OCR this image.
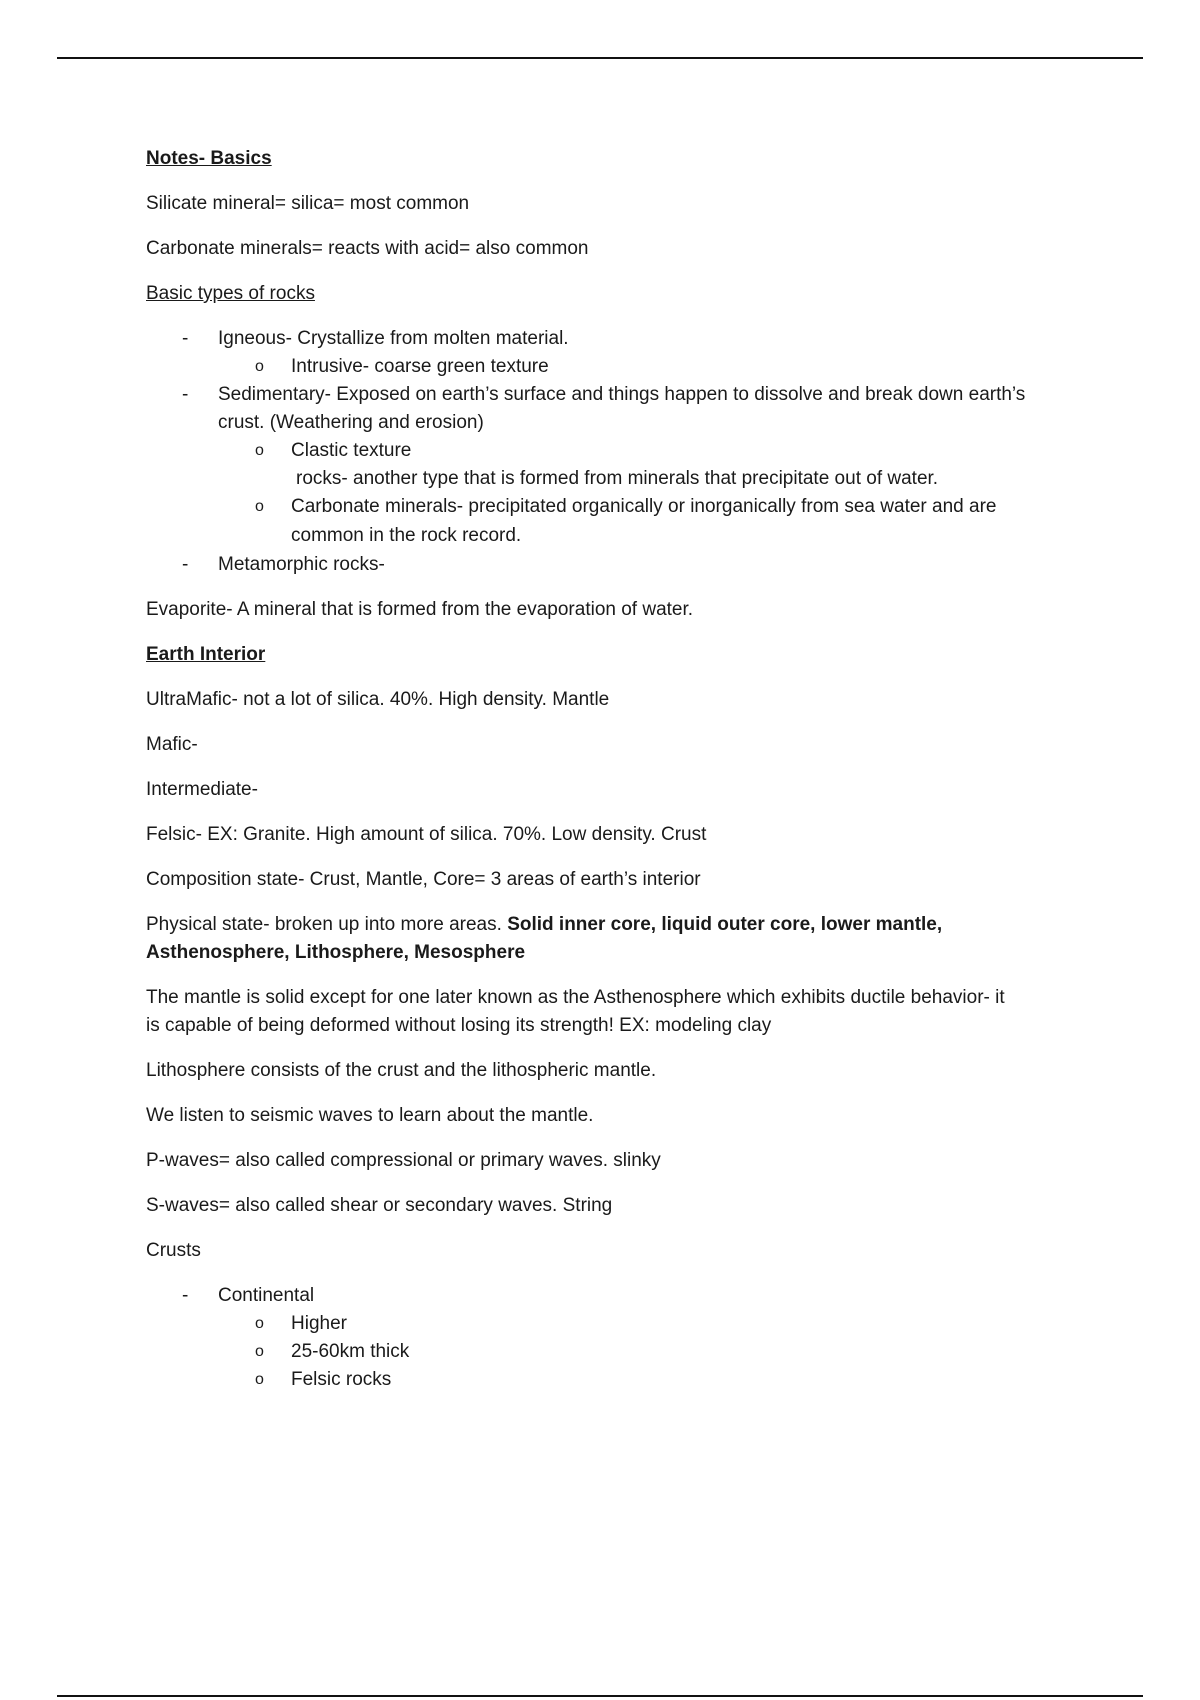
Notes- Basics
Silicate mineral= silica= most common
Carbonate minerals= reacts with acid= also common
Basic types of rocks
- Igneous- Crystallize from molten material.
o Intrusive- coarse green texture
- Sedimentary- Exposed on earth’s surface and things happen to dissolve and break down earth’s
crust. (Weathering and erosion)
o Clastic texture
rocks- another type that is formed from minerals that precipitate out of water.
o Carbonate minerals- precipitated organically or inorganically from sea water and are
common in the rock record.
- Metamorphic rocks-
Evaporite- A mineral that is formed from the evaporation of water.
Earth Interior
UltraMafic- not a lot of silica. 40%. High density. Mantle
Mafic-
Intermediate-
Felsic- EX: Granite. High amount of silica. 70%. Low density. Crust
Composition state- Crust, Mantle, Core= 3 areas of earth’s interior
Physical state- broken up into more areas. Solid inner core, liquid outer core, lower mantle,
Asthenosphere, Lithosphere, Mesosphere
The mantle is solid except for one later known as the Asthenosphere which exhibits ductile behavior- it
is capable of being deformed without losing its strength! EX: modeling clay
Lithosphere consists of the crust and the lithospheric mantle.
We listen to seismic waves to learn about the mantle.
P-waves= also called compressional or primary waves. slinky
S-waves= also called shear or secondary waves. String
Crusts
- Continental
o Higher
o 25-60km thick
o Felsic rocks
